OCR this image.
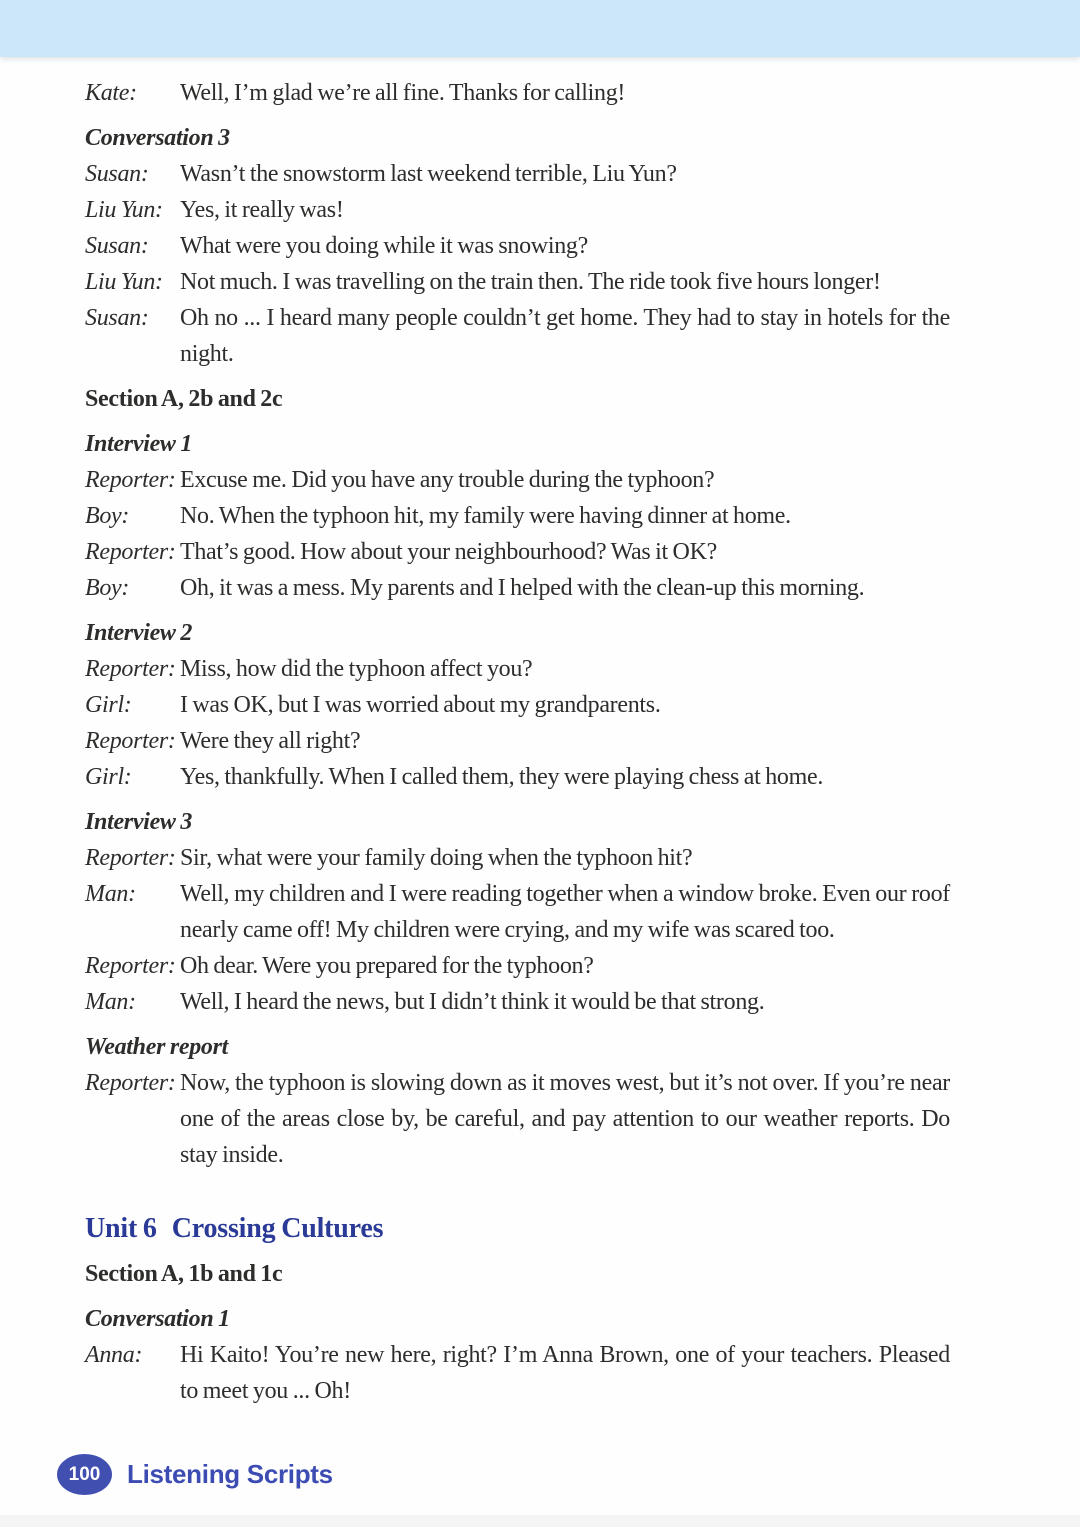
Kate:	Well, I’m glad we’re all fine. Thanks for calling!
Conversation 3
Susan:	Wasn’t the snowstorm last weekend terrible, Liu Yun?
Liu Yun: Yes, it really was!
Susan:	What were you doing while it was snowing?
Liu Yun: Not much. I was travelling on the train then. The ride took five hours longer!
Susan:	Oh no ... I heard many people couldn’t get home. They had to stay in hotels for the night.
Section A, 2b and 2c
Interview 1
Reporter: Excuse me. Did you have any trouble during the typhoon?
Boy:	No. When the typhoon hit, my family were having dinner at home.
Reporter: That’s good. How about your neighbourhood? Was it OK?
Boy:	Oh, it was a mess. My parents and I helped with the clean-up this morning.
Interview 2
Reporter: Miss, how did the typhoon affect you?
Girl:	I was OK, but I was worried about my grandparents.
Reporter: Were they all right?
Girl:	Yes, thankfully. When I called them, they were playing chess at home.
Interview 3
Reporter: Sir, what were your family doing when the typhoon hit?
Man:	Well, my children and I were reading together when a window broke. Even our roof nearly came off! My children were crying, and my wife was scared too.
Reporter: Oh dear. Were you prepared for the typhoon?
Man:	Well, I heard the news, but I didn’t think it would be that strong.
Weather report
Reporter: Now, the typhoon is slowing down as it moves west, but it’s not over. If you’re near one of the areas close by, be careful, and pay attention to our weather reports. Do stay inside.
Unit 6 Crossing Cultures
Section A, 1b and 1c
Conversation 1
Anna:	Hi Kaito! You’re new here, right? I’m Anna Brown, one of your teachers. Pleased to meet you ... Oh!
100 Listening Scripts
